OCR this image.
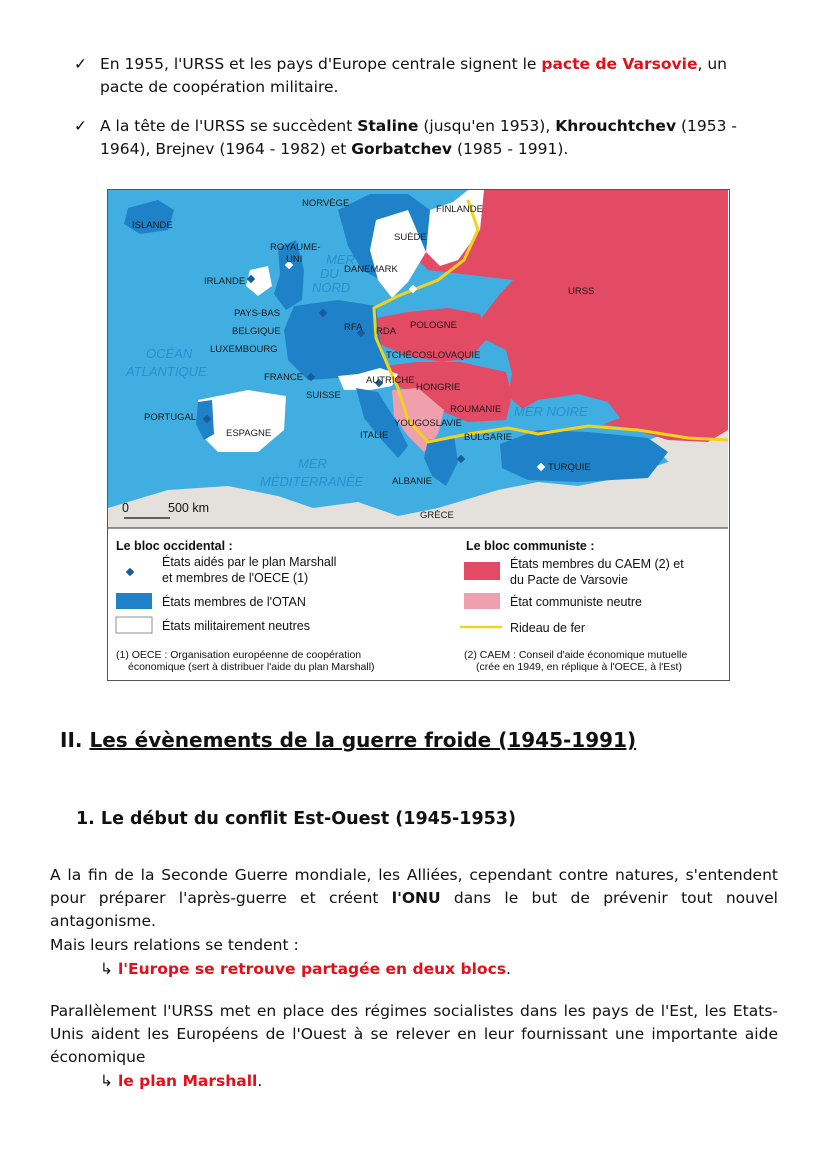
✓ En 1955, l'URSS et les pays d'Europe centrale signent le pacte de Varsovie, un pacte de coopération militaire.
✓ A la tête de l'URSS se succèdent Staline (jusqu'en 1953), Khrouchtchev (1953 - 1964), Brejnev (1964 - 1982) et Gorbatchev (1985 - 1991).
NORVÈGE
FINLANDE
ISLANDE
SUÈDE
ROYAUME-
UNI
DANEMARK
IRLANDE
PAYS-BAS
BELGIQUE
LUXEMBOURG
RFA RDA
POLOGNE
URSS
TCHÉCOSLOVAQUIE
FRANCE	AUTRICHE
HONGRIE
SUISSE
ROUMANIE
PORTUGAL
YOUGOSLAVIE
ESPAGNE	ITALIE	BULGARIE
TURQUIE
ALBANIE
GRÈCE
MER
DU
NORD
OCÉAN
ATLANTIQUE
MER NOIRE
MER
MÉDITERRANÉE
0	500 km
Le bloc occidental :
États aidés par le plan Marshall
et membres de l'OECE (1)
États membres de l'OTAN
États militairement neutres
Le bloc communiste :
États membres du CAEM (2) et
du Pacte de Varsovie
État communiste neutre
Rideau de fer
(1) OECE : Organisation européenne de coopération
économique (sert à distribuer l'aide du plan Marshall)
(2) CAEM : Conseil d'aide économique mutuelle
(crée en 1949, en réplique à l'OECE, à l'Est)
II. Les évènements de la guerre froide (1945-1991)
1. Le début du conflit Est-Ouest (1945-1953)
A la fin de la Seconde Guerre mondiale, les Alliées, cependant contre natures, s'entendent pour préparer l'après-guerre et créent l'ONU dans le but de prévenir tout nouvel antagonisme.
Mais leurs relations se tendent :
↳ l'Europe se retrouve partagée en deux blocs.
Parallèlement l'URSS met en place des régimes socialistes dans les pays de l'Est, les Etats-Unis aident les Européens de l'Ouest à se relever en leur fournissant une importante aide économique
↳ le plan Marshall.
